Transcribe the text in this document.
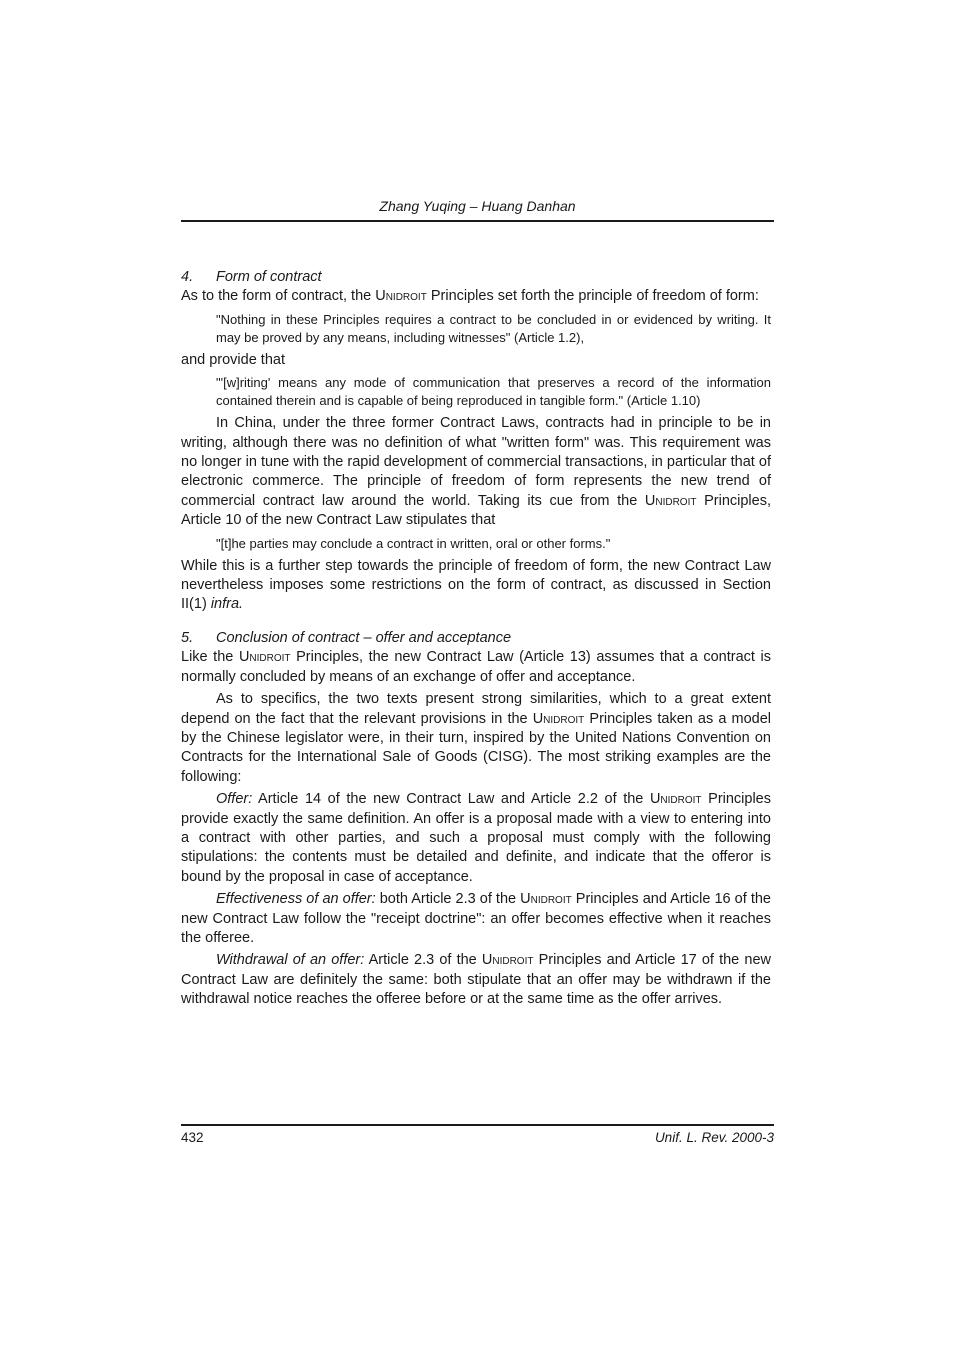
Zhang Yuqing – Huang Danhan

4. Form of contract

As to the form of contract, the Unidroit Principles set forth the principle of freedom of form:

"Nothing in these Principles requires a contract to be concluded in or evidenced by writing. It may be proved by any means, including witnesses" (Article 1.2),

and provide that

"'[w]riting' means any mode of communication that preserves a record of the information contained therein and is capable of being reproduced in tangible form." (Article 1.10)

In China, under the three former Contract Laws, contracts had in principle to be in writing, although there was no definition of what "written form" was. This requirement was no longer in tune with the rapid development of commercial transactions, in particular that of electronic commerce. The principle of freedom of form represents the new trend of commercial contract law around the world. Taking its cue from the Unidroit Principles, Article 10 of the new Contract Law stipulates that

"[t]he parties may conclude a contract in written, oral or other forms."

While this is a further step towards the principle of freedom of form, the new Contract Law nevertheless imposes some restrictions on the form of contract, as discussed in Section II(1) infra.

5. Conclusion of contract – offer and acceptance

Like the Unidroit Principles, the new Contract Law (Article 13) assumes that a contract is normally concluded by means of an exchange of offer and acceptance.

As to specifics, the two texts present strong similarities, which to a great extent depend on the fact that the relevant provisions in the Unidroit Principles taken as a model by the Chinese legislator were, in their turn, inspired by the United Nations Convention on Contracts for the International Sale of Goods (CISG). The most striking examples are the following:

Offer: Article 14 of the new Contract Law and Article 2.2 of the Unidroit Principles provide exactly the same definition. An offer is a proposal made with a view to entering into a contract with other parties, and such a proposal must comply with the following stipulations: the contents must be detailed and definite, and indicate that the offeror is bound by the proposal in case of acceptance.

Effectiveness of an offer: both Article 2.3 of the Unidroit Principles and Article 16 of the new Contract Law follow the "receipt doctrine": an offer becomes effective when it reaches the offeree.

Withdrawal of an offer: Article 2.3 of the Unidroit Principles and Article 17 of the new Contract Law are definitely the same: both stipulate that an offer may be withdrawn if the withdrawal notice reaches the offeree before or at the same time as the offer arrives.

432	Unif. L. Rev. 2000-3
